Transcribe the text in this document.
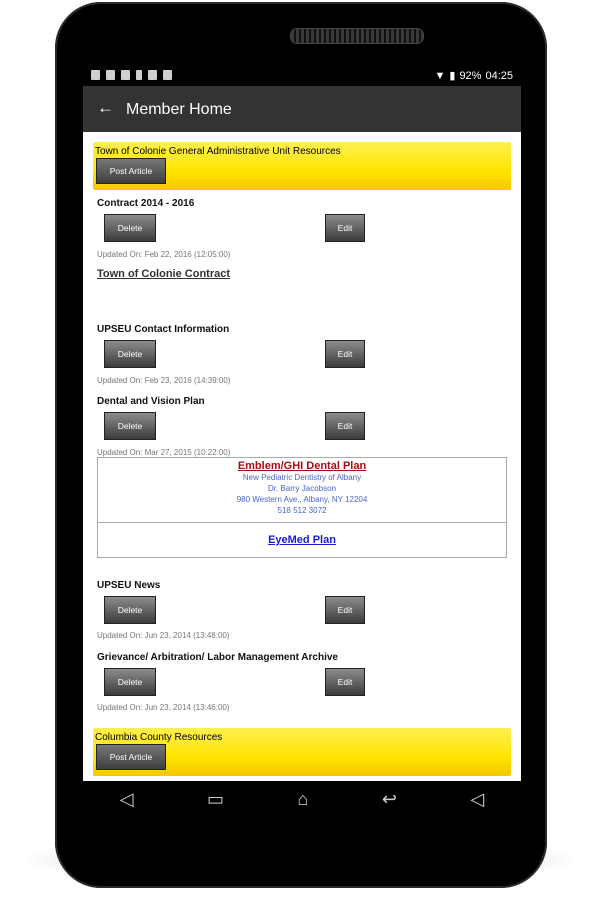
▼ ▮ 92% 04:25
← Member Home
Town of Colonie General Administrative Unit Resources
Post Article
Contract 2014 - 2016
Delete	Edit
Updated On: Feb 22, 2016 (12:05:00)
Town of Colonie Contract
UPSEU Contact Information
Delete	Edit
Updated On: Feb 23, 2016 (14:39:00)
Dental and Vision Plan
Delete	Edit
Updated On: Mar 27, 2015 (10:22:00)
Emblem/GHI Dental Plan
New Pediatric Dentistry of Albany
Dr. Barry Jacobson
980 Western Ave., Albany, NY 12204
518 512 3072
EyeMed Plan
UPSEU News
Delete	Edit
Updated On: Jun 23, 2014 (13:48:00)
Grievance/ Arbitration/ Labor Management Archive
Delete	Edit
Updated On: Jun 23, 2014 (13:46:00)
Columbia County Resources
Post Article
◁	▭	⌂	↩	◁
